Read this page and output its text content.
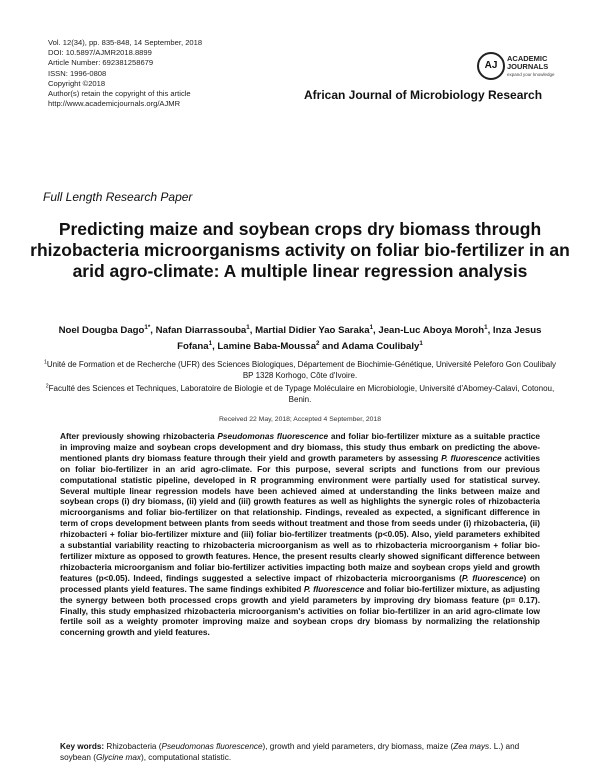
Vol. 12(34), pp. 835-848, 14 September, 2018
DOI: 10.5897/AJMR2018.8899
Article Number: 692381258679
ISSN: 1996-0808
Copyright ©2018
Author(s) retain the copyright of this article
http://www.academicjournals.org/AJMR
AJ
ACADEMIC
JOURNALS
expand your knowledge
African Journal of Microbiology Research
Full Length Research Paper
Predicting maize and soybean crops dry biomass through rhizobacteria microorganisms activity on foliar bio-fertilizer in an arid agro-climate: A multiple linear regression analysis
Noel Dougba Dago$^{1*}$, Nafan Diarrassouba$^1$, Martial Didier Yao Saraka$^1$, Jean-Luc Aboya Moroh$^1$, Inza Jesus Fofana$^1$, Lamine Baba-Moussa$^2$ and Adama Coulibaly$^1$

$^1$Unité de Formation et de Recherche (UFR) des Sciences Biologiques, Département de Biochimie-Génétique, Université Peleforo Gon Coulibaly BP 1328 Korhogo, Côte d'Ivoire.

$^2$Faculté des Sciences et Techniques, Laboratoire de Biologie et de Typage Moléculaire en Microbiologie, Université d'Abomey-Calavi, Cotonou, Benin.

Received 22 May, 2018; Accepted 4 September, 2018
After previously showing rhizobacteria Pseudomonas fluorescence and foliar bio-fertilizer mixture as a suitable practice in improving maize and soybean crops development and dry biomass, this study thus embark on predicting the above-mentioned plants dry biomass feature through their yield and growth parameters by assessing P. fluorescence activities on foliar bio-fertilizer in an arid agro-climate. For this purpose, several scripts and functions from our previous computational statistic pipeline, developed in R programming environment were partially used for statistical survey. Several multiple linear regression models have been achieved aimed at understanding the links between maize and soybean crops (i) dry biomass, (ii) yield and (iii) growth features as well as highlights the synergic roles of rhizobacteria microorganisms and foliar bio-fertilizer on that relationship. Findings, revealed as expected, a significant difference in term of crops development between plants from seeds without treatment and those from seeds under (i) rhizobacteria, (ii) rhizobacteri + foliar bio-fertilizer mixture and (iii) foliar bio-fertilizer treatments (p<0.05). Also, yield parameters exhibited a substantial variability reacting to rhizobacteria microorganism as well as to rhizobacteria microorganism + foliar bio-fertilizer mixture as opposed to growth features. Hence, the present results clearly showed significant difference between rhizobacteria microorganism and foliar bio-fertilizer activities impacting both maize and soybean crops yield and growth features (p<0.05). Indeed, findings suggested a selective impact of rhizobacteria microorganisms (P. fluorescence) on processed plants yield features. The same findings exhibited P. fluorescence and foliar bio-fertilizer mixture, as adjusting the synergy between both processed crops growth and yield parameters by improving dry biomass feature (p= 0.17). Finally, this study emphasized rhizobacteria microorganism's activities on foliar bio-fertilizer in an arid agro-climate low fertile soil as a weighty promoter improving maize and soybean crops dry biomass by normalizing the relationship concerning growth and yield features.
Key words: Rhizobacteria (Pseudomonas fluorescence), growth and yield parameters, dry biomass, maize (Zea mays. L.) and soybean (Glycine max), computational statistic.
